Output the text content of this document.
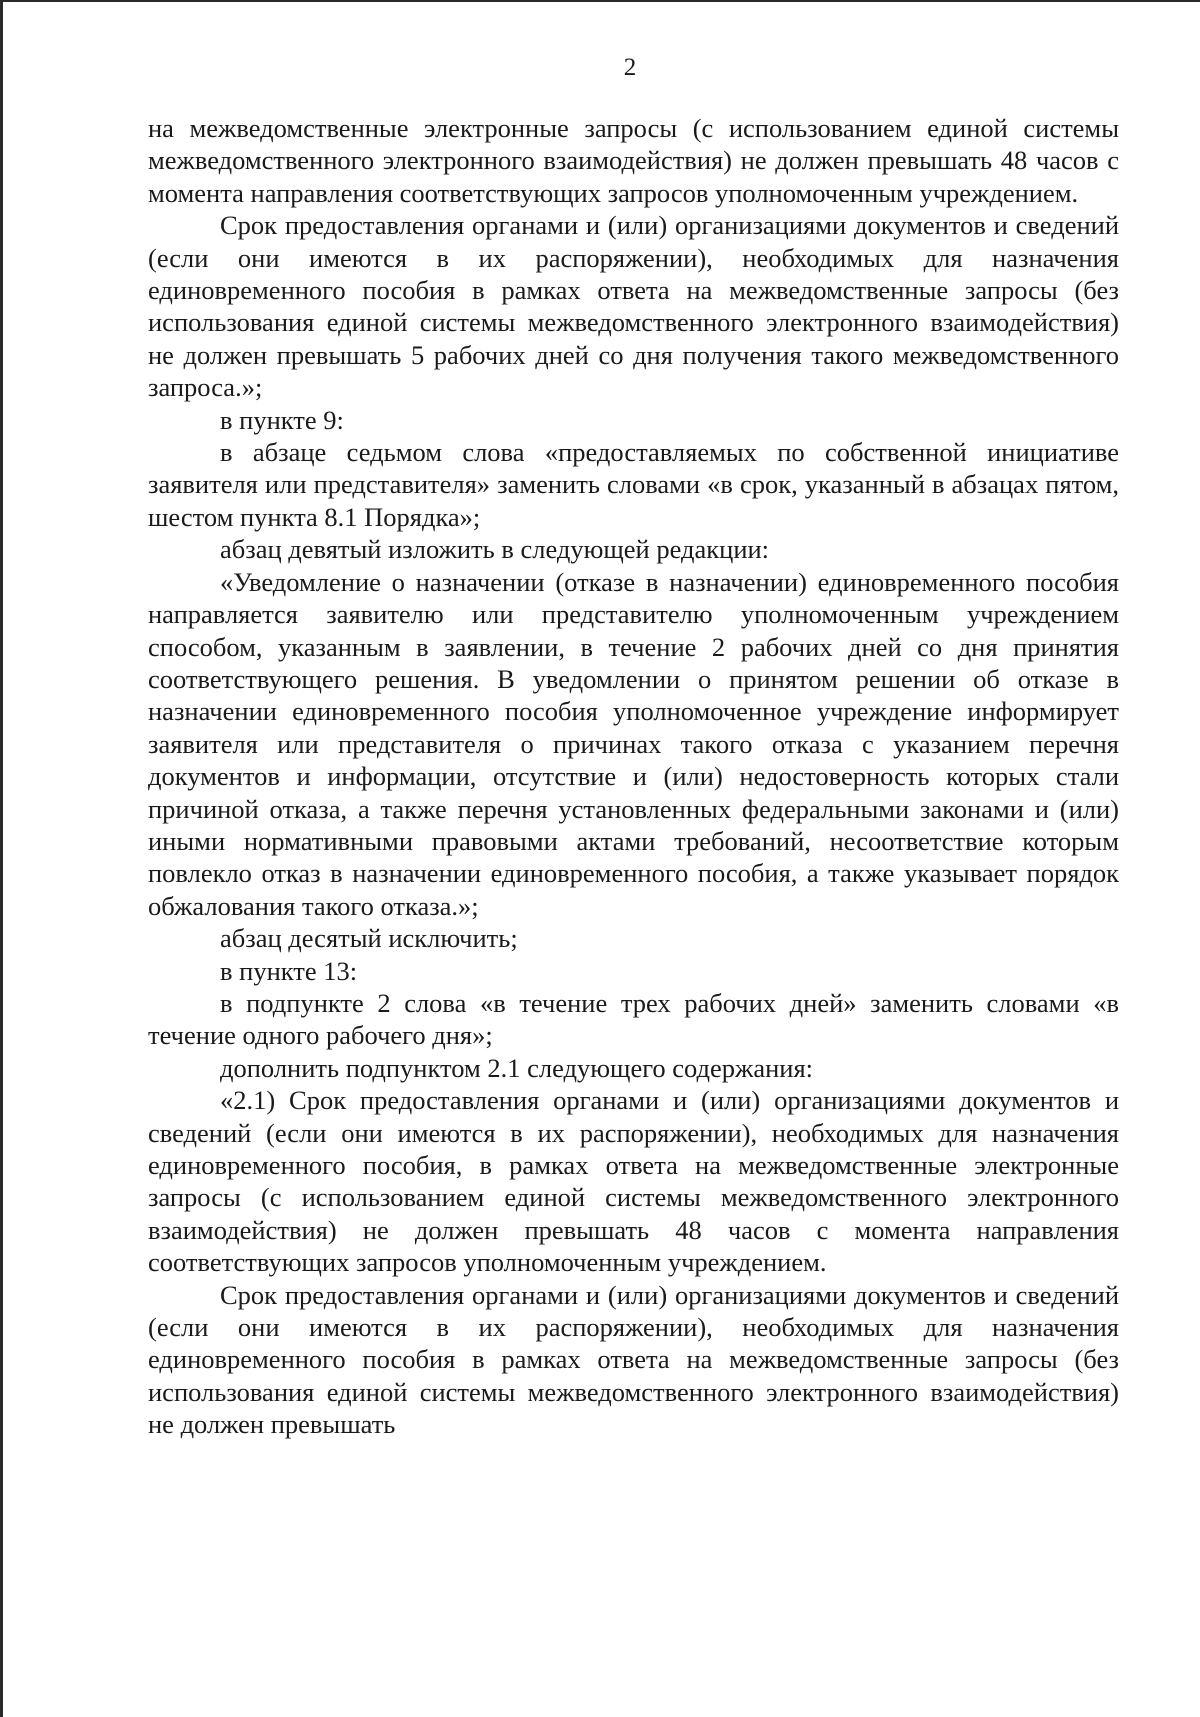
2

на межведомственные электронные запросы (с использованием единой системы межведомственного электронного взаимодействия) не должен превышать 48 часов с момента направления соответствующих запросов уполномоченным учреждением.

Срок предоставления органами и (или) организациями документов и сведений (если они имеются в их распоряжении), необходимых для назначения единовременного пособия в рамках ответа на межведомственные запросы (без использования единой системы межведомственного электронного взаимодействия) не должен превышать 5 рабочих дней со дня получения такого межведомственного запроса.»;

в пункте 9:

в абзаце седьмом слова «предоставляемых по собственной инициативе заявителя или представителя» заменить словами «в срок, указанный в абзацах пятом, шестом пункта 8.1 Порядка»;

абзац девятый изложить в следующей редакции:

«Уведомление о назначении (отказе в назначении) единовременного пособия направляется заявителю или представителю уполномоченным учреждением способом, указанным в заявлении, в течение 2 рабочих дней со дня принятия соответствующего решения. В уведомлении о принятом решении об отказе в назначении единовременного пособия уполномоченное учреждение информирует заявителя или представителя о причинах такого отказа с указанием перечня документов и информации, отсутствие и (или) недостоверность которых стали причиной отказа, а также перечня установленных федеральными законами и (или) иными нормативными правовыми актами требований, несоответствие которым повлекло отказ в назначении единовременного пособия, а также указывает порядок обжалования такого отказа.»;

абзац десятый исключить;

в пункте 13:

в подпункте 2 слова «в течение трех рабочих дней» заменить словами «в течение одного рабочего дня»;

дополнить подпунктом 2.1 следующего содержания:

«2.1) Срок предоставления органами и (или) организациями документов и сведений (если они имеются в их распоряжении), необходимых для назначения единовременного пособия, в рамках ответа на межведомственные электронные запросы (с использованием единой системы межведомственного электронного взаимодействия) не должен превышать 48 часов с момента направления соответствующих запросов уполномоченным учреждением.

Срок предоставления органами и (или) организациями документов и сведений (если они имеются в их распоряжении), необходимых для назначения единовременного пособия в рамках ответа на межведомственные запросы (без использования единой системы межведомственного электронного взаимодействия) не должен превышать
